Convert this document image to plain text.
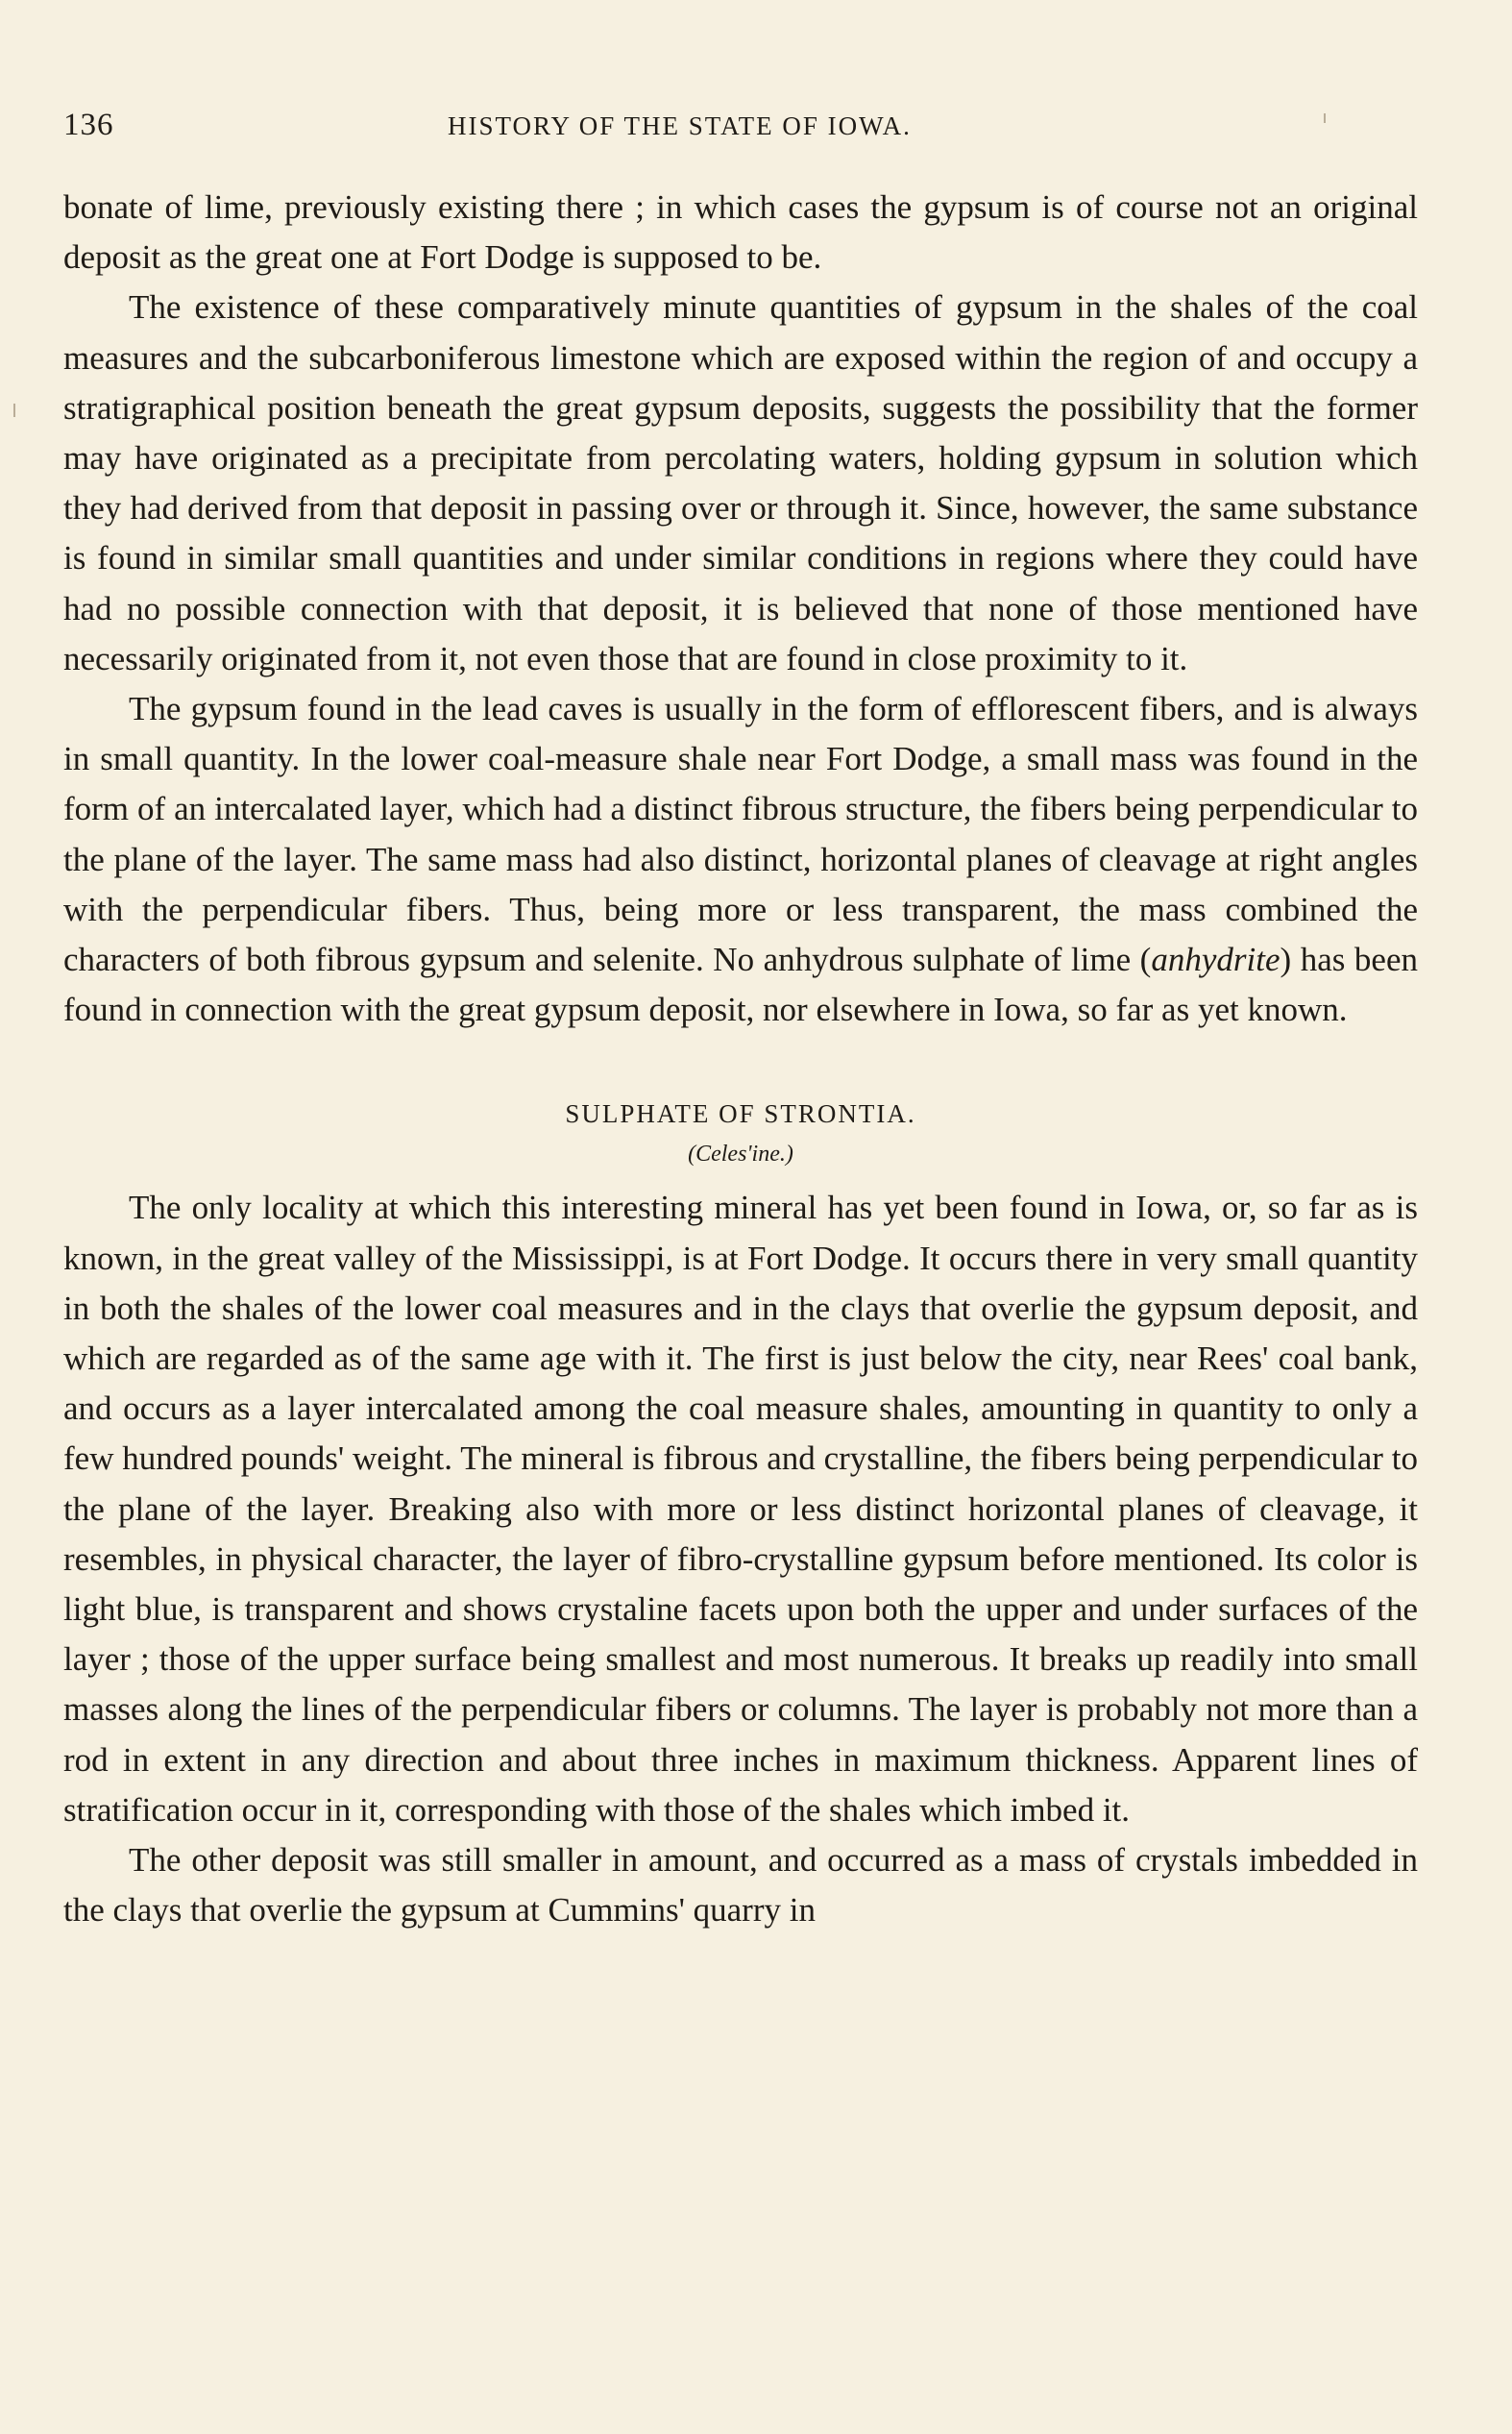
136	HISTORY OF THE STATE OF IOWA.

bonate of lime, previously existing there ; in which cases the gypsum is of course not an original deposit as the great one at Fort Dodge is supposed to be.

The existence of these comparatively minute quantities of gypsum in the shales of the coal measures and the subcarboniferous limestone which are exposed within the region of and occupy a stratigraphical position beneath the great gypsum deposits, suggests the possibility that the former may have originated as a precipitate from percolating waters, holding gypsum in solution which they had derived from that deposit in passing over or through it. Since, however, the same substance is found in similar small quantities and under similar conditions in regions where they could have had no possible connection with that deposit, it is believed that none of those mentioned have necessarily originated from it, not even those that are found in close proximity to it.

The gypsum found in the lead caves is usually in the form of efflorescent fibers, and is always in small quantity. In the lower coal-measure shale near Fort Dodge, a small mass was found in the form of an intercalated layer, which had a distinct fibrous structure, the fibers being perpendicular to the plane of the layer. The same mass had also distinct, horizontal planes of cleavage at right angles with the perpendicular fibers. Thus, being more or less transparent, the mass combined the characters of both fibrous gypsum and selenite. No anhydrous sulphate of lime (anhydrite) has been found in connection with the great gypsum deposit, nor elsewhere in Iowa, so far as yet known.

SULPHATE OF STRONTIA.
(Celes'ine.)

The only locality at which this interesting mineral has yet been found in Iowa, or, so far as is known, in the great valley of the Mississippi, is at Fort Dodge. It occurs there in very small quantity in both the shales of the lower coal measures and in the clays that overlie the gypsum deposit, and which are regarded as of the same age with it. The first is just below the city, near Rees' coal bank, and occurs as a layer intercalated among the coal measure shales, amounting in quantity to only a few hundred pounds' weight. The mineral is fibrous and crystalline, the fibers being perpendicular to the plane of the layer. Breaking also with more or less distinct horizontal planes of cleavage, it resembles, in physical character, the layer of fibro-crystalline gypsum before mentioned. Its color is light blue, is transparent and shows crystaline facets upon both the upper and under surfaces of the layer ; those of the upper surface being smallest and most numerous. It breaks up readily into small masses along the lines of the perpendicular fibers or columns. The layer is probably not more than a rod in extent in any direction and about three inches in maximum thickness. Apparent lines of stratification occur in it, corresponding with those of the shales which imbed it.

The other deposit was still smaller in amount, and occurred as a mass of crystals imbedded in the clays that overlie the gypsum at Cummins' quarry in
